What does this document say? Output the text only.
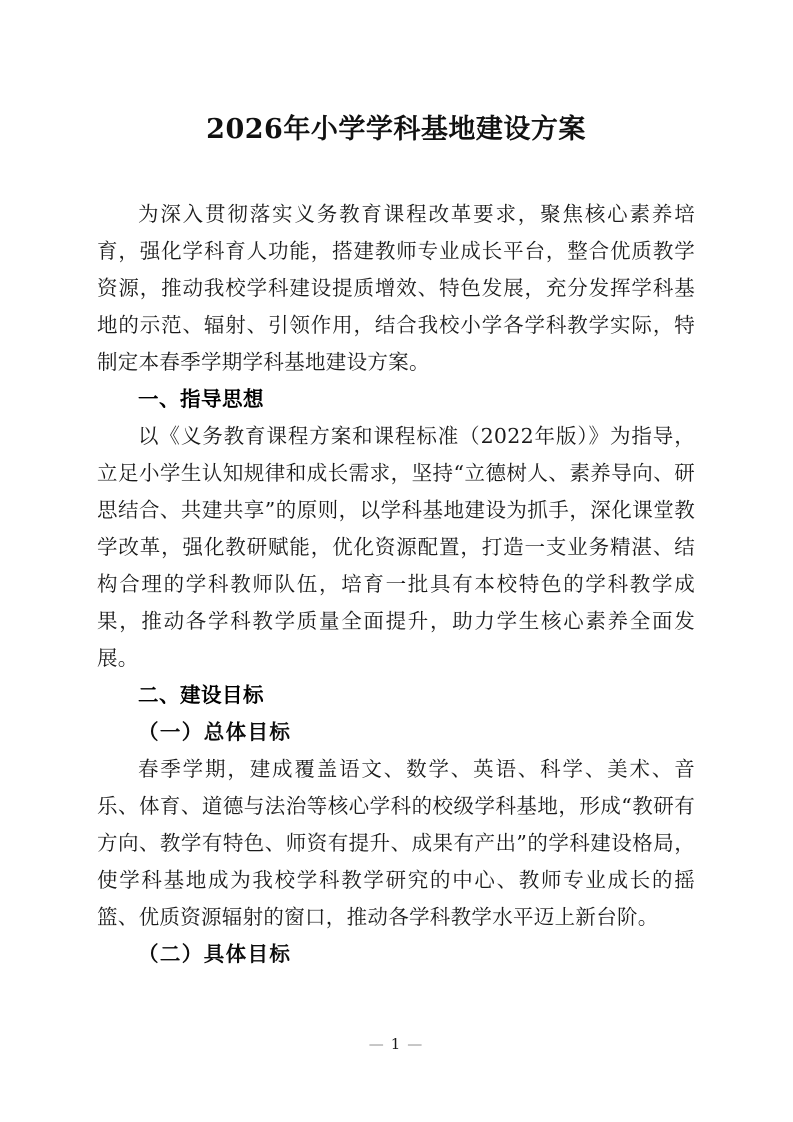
2026年小学学科基地建设方案

为深入贯彻落实义务教育课程改革要求，聚焦核心素养培育，强化学科育人功能，搭建教师专业成长平台，整合优质教学资源，推动我校学科建设提质增效、特色发展，充分发挥学科基地的示范、辐射、引领作用，结合我校小学各学科教学实际，特制定本春季学期学科基地建设方案。

一、指导思想

以《义务教育课程方案和课程标准（2022年版）》为指导，立足小学生认知规律和成长需求，坚持“立德树人、素养导向、研思结合、共建共享”的原则，以学科基地建设为抓手，深化课堂教学改革，强化教研赋能，优化资源配置，打造一支业务精湛、结构合理的学科教师队伍，培育一批具有本校特色的学科教学成果，推动各学科教学质量全面提升，助力学生核心素养全面发展。

二、建设目标
（一）总体目标

春季学期，建成覆盖语文、数学、英语、科学、美术、音乐、体育、道德与法治等核心学科的校级学科基地，形成“教研有方向、教学有特色、师资有提升、成果有产出”的学科建设格局，使学科基地成为我校学科教学研究的中心、教师专业成长的摇篮、优质资源辐射的窗口，推动各学科教学水平迈上新台阶。

（二）具体目标
— 1 —
